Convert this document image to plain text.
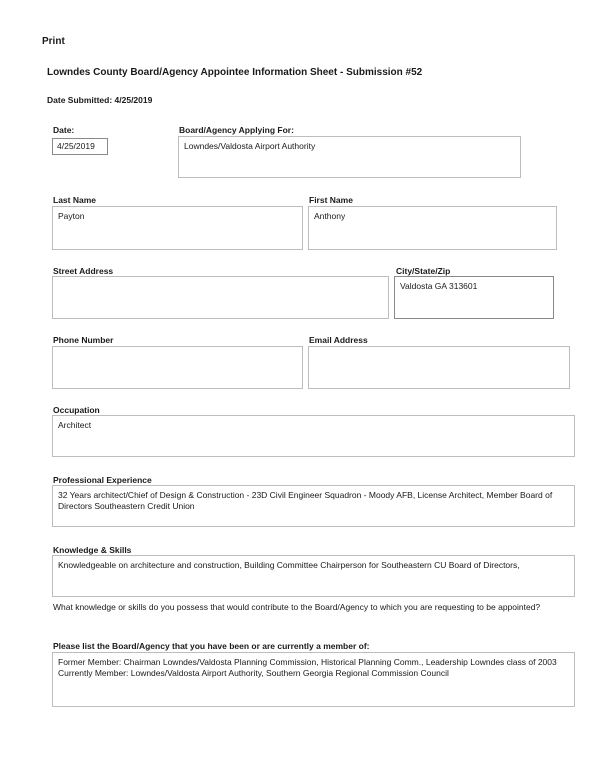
Print
Lowndes County Board/Agency Appointee Information Sheet - Submission #52
Date Submitted: 4/25/2019
Date:
4/25/2019
Board/Agency Applying For:
Lowndes/Valdosta Airport Authority
Last Name
Payton
First Name
Anthony
Street Address	City/State/Zip
Valdosta GA 313601
Phone Number	Email Address
Occupation
Architect
Professional Experience
32 Years architect/Chief of Design & Construction - 23D Civil Engineer Squadron - Moody AFB, License Architect, Member Board of Directors Southeastern Credit Union
Knowledge & Skills
Knowledgeable on architecture and construction, Building Committee Chairperson for Southeastern CU Board of Directors,
What knowledge or skills do you possess that would contribute to the Board/Agency to which you are requesting to be appointed?
Please list the Board/Agency that you have been or are currently a member of:
Former Member: Chairman Lowndes/Valdosta Planning Commission, Historical Planning Comm., Leadership Lowndes class of 2003
Currently Member: Lowndes/Valdosta Airport Authority, Southern Georgia Regional Commission Council
